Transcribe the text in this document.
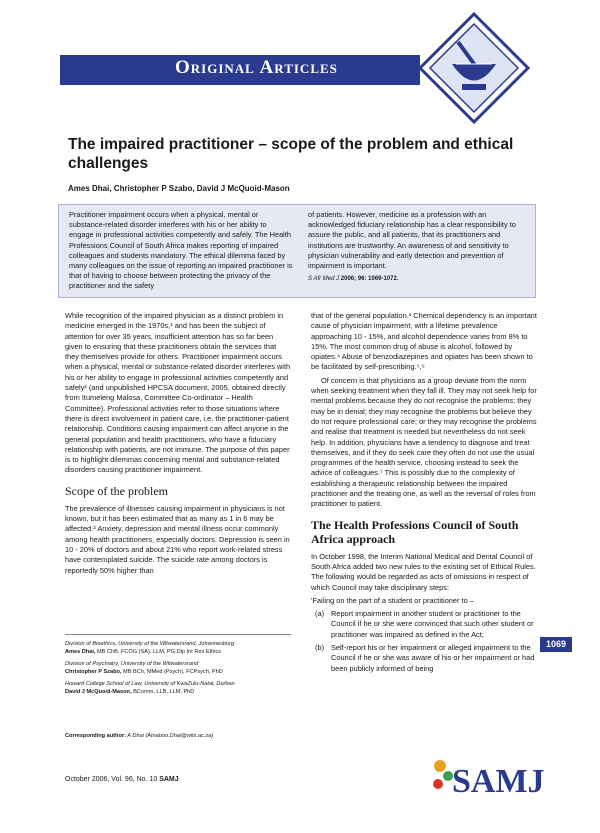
Original Articles
The impaired practitioner – scope of the problem and ethical challenges
Ames Dhai, Christopher P Szabo, David J McQuoid-Mason
Practitioner impairment occurs when a physical, mental or substance-related disorder interferes with his or her ability to engage in professional activities competently and safely. The Health Professions Council of South Africa makes reporting of impaired colleagues and students mandatory. The ethical dilemma faced by many colleagues on the issue of reporting an impaired practitioner is that of having to choose between protecting the privacy of the practitioner and the safety
of patients. However, medicine as a profession with an acknowledged fiduciary relationship has a clear responsibility to assure the public, and all patients, that its practitioners and institutions are trustworthy. An awareness of and sensitivity to physician vulnerability and early detection and prevention of impairment is important.
S Afr Med J 2006; 96: 1069-1072.

While recognition of the impaired physician as a distinct problem in medicine emerged in the 1970s,¹ and has been the subject of attention for over 35 years, insufficient attention has so far been given to ensuring that these practitioners obtain the services that they themselves provide for others. Practitioner impairment occurs when a physical, mental or substance-related disorder interferes with his or her ability to engage in professional activities competently and safely² (and unpublished HPCSA document, 2005, obtained directly from Itumeleng Malosa, Committee Co-ordinator – Health Committee). Professional activities refer to those situations where there is direct involvement in patient care, i.e. the practitioner-patient relationship. Conditions causing impairment can affect anyone in the general population and health practitioners, who have a fiduciary relationship with patients, are not immune. The purpose of this paper is to highlight dilemmas concerning mental and substance-related disorders causing practitioner impairment.

Scope of the problem

The prevalence of illnesses causing impairment in physicians is not known, but it has been estimated that as many as 1 in 6 may be affected.² Anxiety, depression and mental illness occur commonly among health practitioners, especially doctors. Depression is seen in 10 - 20% of doctors and about 21% who report work-related stress have contemplated suicide. The suicide rate among doctors is reportedly 50% higher than

Division of Bioethics, University of the Witwatersrand, Johannesburg
Ames Dhai, MB ChB, FCOG (SA), LLM, PG Dip Int Res Ethics
Division of Psychiatry, University of the Witwatersrand
Christopher P Szabo, MB BCh, MMed (Psych), FCPsych, PhD
Howard College School of Law, University of KwaZulu-Natal, Durban
David J McQuoid-Mason, BComm, LLB, LLM, PhD
Corresponding author: A Dhai (Amaboo.Dhai@wits.ac.za)

that of the general population.³ Chemical dependency is an important cause of physician impairment, with a lifetime prevalence approaching 10 - 15%, and alcohol dependence varies from 8% to 15%. The most common drug of abuse is alcohol, followed by opiates.⁴ Abuse of benzodiazepines and opiates has been shown to be facilitated by self-prescribing.⁵,⁶

Of concern is that physicians as a group deviate from the norm when seeking treatment when they fall ill. They may not seek help for mental problems because they do not recognise the problems; they may be in denial; they may recognise the problems but believe they do not require professional care; or they may recognise the problems and realise that treatment is needed but nevertheless do not seek help. In addition, physicians have a tendency to diagnose and treat themselves, and if they do seek care they often do not use the usual programmes of the health service, choosing instead to seek the advice of colleagues.⁷ This is possibly due to the complexity of establishing a therapeutic relationship between the impaired practitioner and the treating one, as well as the reversal of roles from practitioner to patient.

The Health Professions Council of South Africa approach

In October 1998, the Interim National Medical and Dental Council of South Africa added two new rules to the existing set of Ethical Rules. The following would be regarded as acts of omissions in respect of which Council may take disciplinary steps:

'Failing on the part of a student or practitioner to –

(a) Report impairment in another student or practitioner to the Council if he or she were convinced that such other student or practitioner was impaired as defined in the Act;
(b) Self-report his or her impairment or alleged impairment to the Council if he or she was aware of his or her impairment or had been publicly informed of being
1069
October 2006, Vol. 96, No. 10 SAMJ	SAMJ
